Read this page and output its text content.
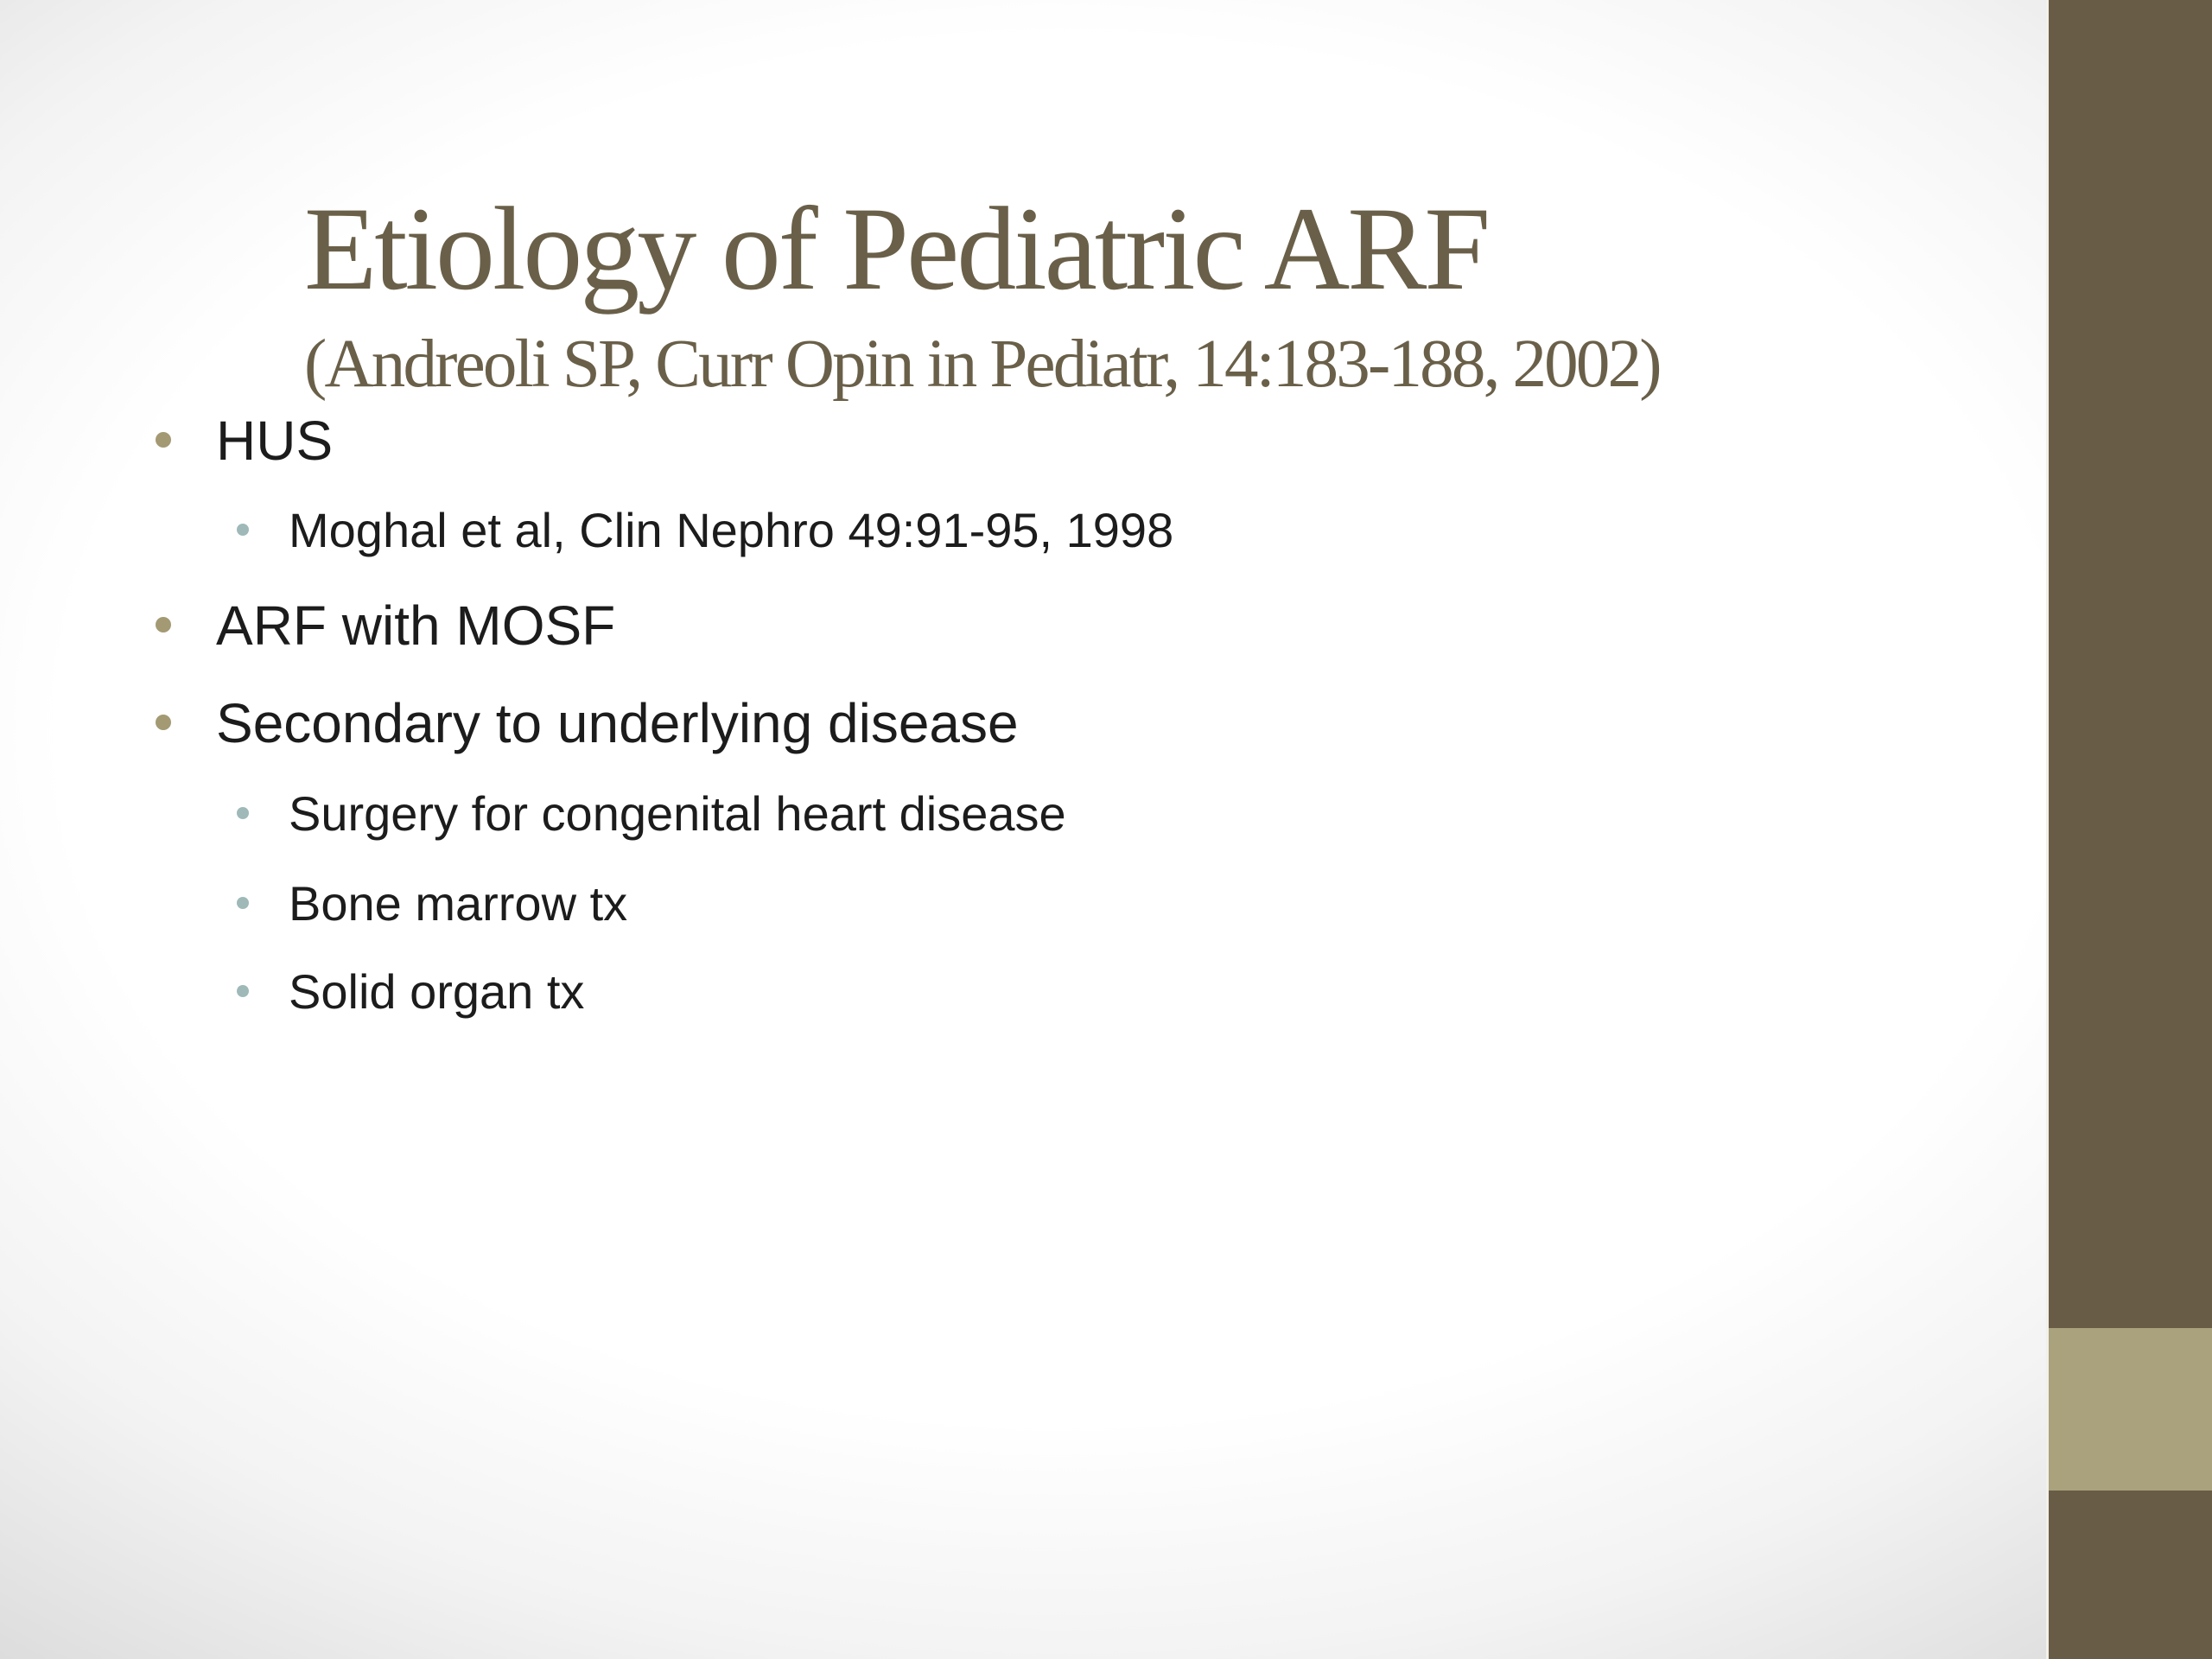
Etiology of Pediatric ARF
(Andreoli SP, Curr Opin in Pediatr, 14:183-188, 2002)
HUS
Moghal et al, Clin Nephro 49:91-95, 1998
ARF with MOSF
Secondary to underlying disease
Surgery for congenital heart disease
Bone marrow tx
Solid organ tx
